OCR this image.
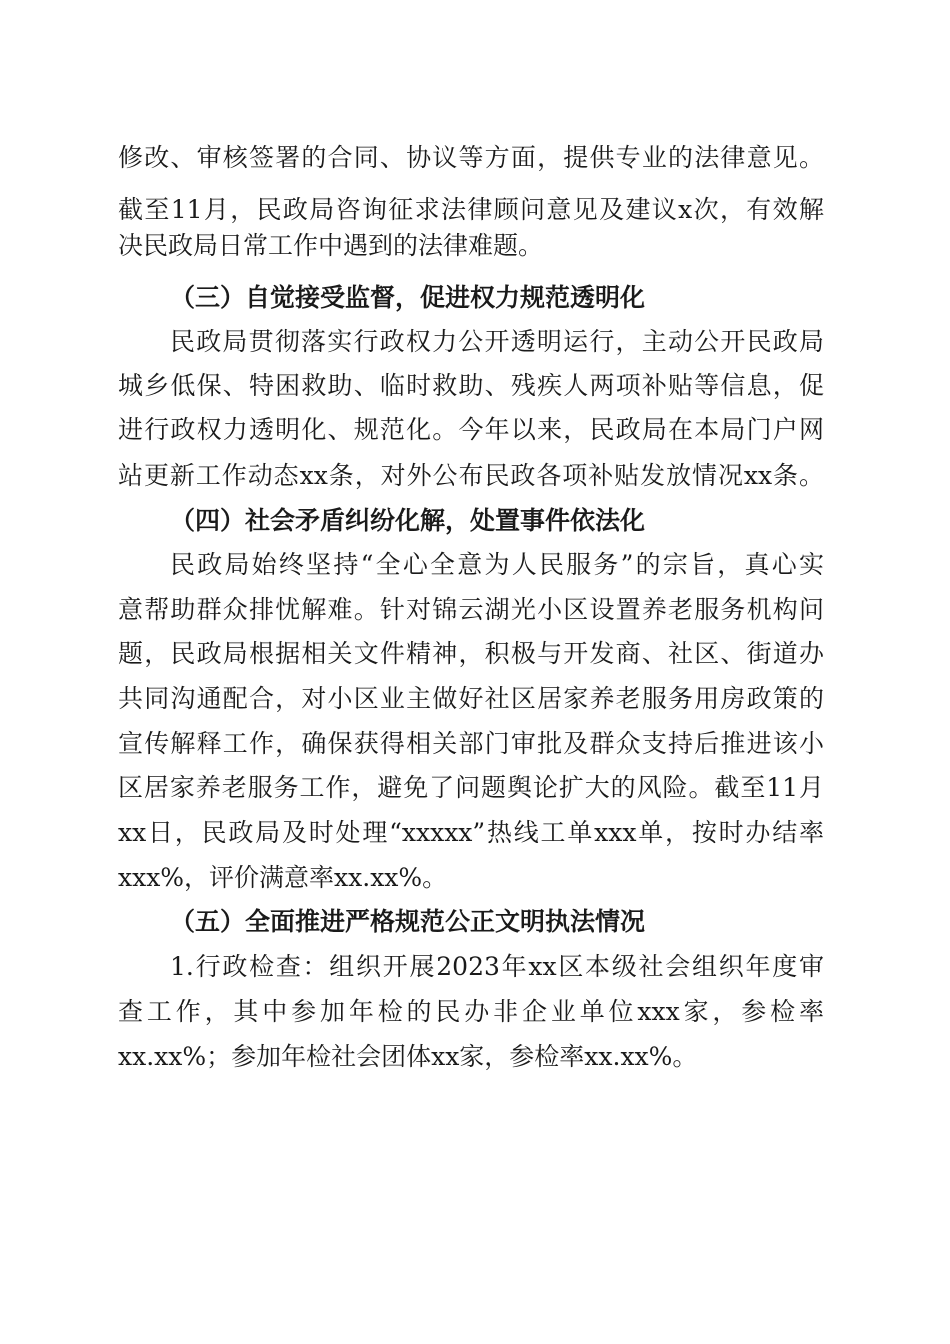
修改、审核签署的合同、协议等方面，提供专业的法律意见。
截至11月，民政局咨询征求法律顾问意见及建议x次，有效解
决民政局日常工作中遇到的法律难题。
（三）自觉接受监督，促进权力规范透明化
民政局贯彻落实行政权力公开透明运行，主动公开民政局
城乡低保、特困救助、临时救助、残疾人两项补贴等信息，促
进行政权力透明化、规范化。今年以来，民政局在本局门户网
站更新工作动态xx条，对外公布民政各项补贴发放情况xx条。
（四）社会矛盾纠纷化解，处置事件依法化
民政局始终坚持“全心全意为人民服务”的宗旨，真心实
意帮助群众排忧解难。针对锦云湖光小区设置养老服务机构问
题，民政局根据相关文件精神，积极与开发商、社区、街道办
共同沟通配合，对小区业主做好社区居家养老服务用房政策的
宣传解释工作，确保获得相关部门审批及群众支持后推进该小
区居家养老服务工作，避免了问题舆论扩大的风险。截至11月
xx日，民政局及时处理“xxxxx”热线工单xxx单，按时办结率
xxx%，评价满意率xx.xx%。
（五）全面推进严格规范公正文明执法情况
1.行政检查：组织开展2023年xx区本级社会组织年度审
查工作，其中参加年检的民办非企业单位xxx家，参检率
xx.xx%；参加年检社会团体xx家，参检率xx.xx%。
